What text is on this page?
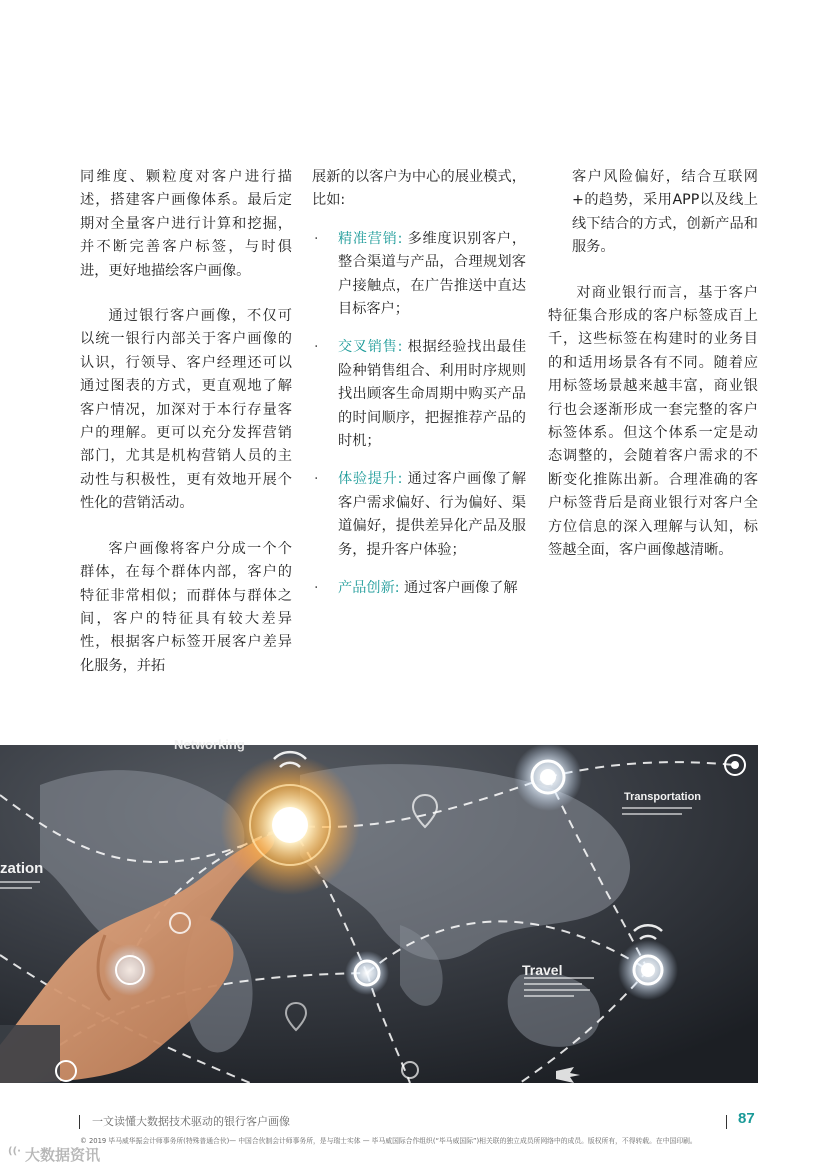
同维度、颗粒度对客户进行描述，搭建客户画像体系。最后定期对全量客户进行计算和挖掘，并不断完善客户标签，与时俱进，更好地描绘客户画像。

通过银行客户画像，不仅可以统一银行内部关于客户画像的认识，行领导、客户经理还可以通过图表的方式，更直观地了解客户情况，加深对于本行存量客户的理解。更可以充分发挥营销部门，尤其是机构营销人员的主动性与积极性，更有效地开展个性化的营销活动。

客户画像将客户分成一个个群体，在每个群体内部，客户的特征非常相似；而群体与群体之间，客户的特征具有较大差异性，根据客户标签开展客户差异化服务，并拓

展新的以客户为中心的展业模式，比如:

· 精准营销: 多维度识别客户，整合渠道与产品，合理规划客户接触点，在广告推送中直达目标客户；
· 交叉销售: 根据经验找出最佳险种销售组合、利用时序规则找出顾客生命周期中购买产品的时间顺序，把握推荐产品的时机；
· 体验提升: 通过客户画像了解客户需求偏好、行为偏好、渠道偏好，提供差异化产品及服务，提升客户体验；
· 产品创新: 通过客户画像了解

客户风险偏好，结合互联网+的趋势，采用APP以及线上线下结合的方式，创新产品和服务。

对商业银行而言，基于客户特征集合形成的客户标签成百上千，这些标签在构建时的业务目的和适用场景各有不同。随着应用标签场景越来越丰富，商业银行也会逐渐形成一套完整的客户标签体系。但这个体系一定是动态调整的，会随着客户需求的不断变化推陈出新。合理准确的客户标签背后是商业银行对客户全方位信息的深入理解与认知，标签越全面，客户画像越清晰。

Networking
zation
Transportation
Travel
一文读懂大数据技术驱动的银行客户画像	87
© 2019 毕马威华振会计师事务所(特殊普通合伙)— 中国合伙制会计师事务所，是与瑞士实体 — 毕马威国际合作组织(“毕马威国际”)相关联的独立成员所网络中的成员。版权所有，不得转载。在中国印刷。
((· 大数据资讯
